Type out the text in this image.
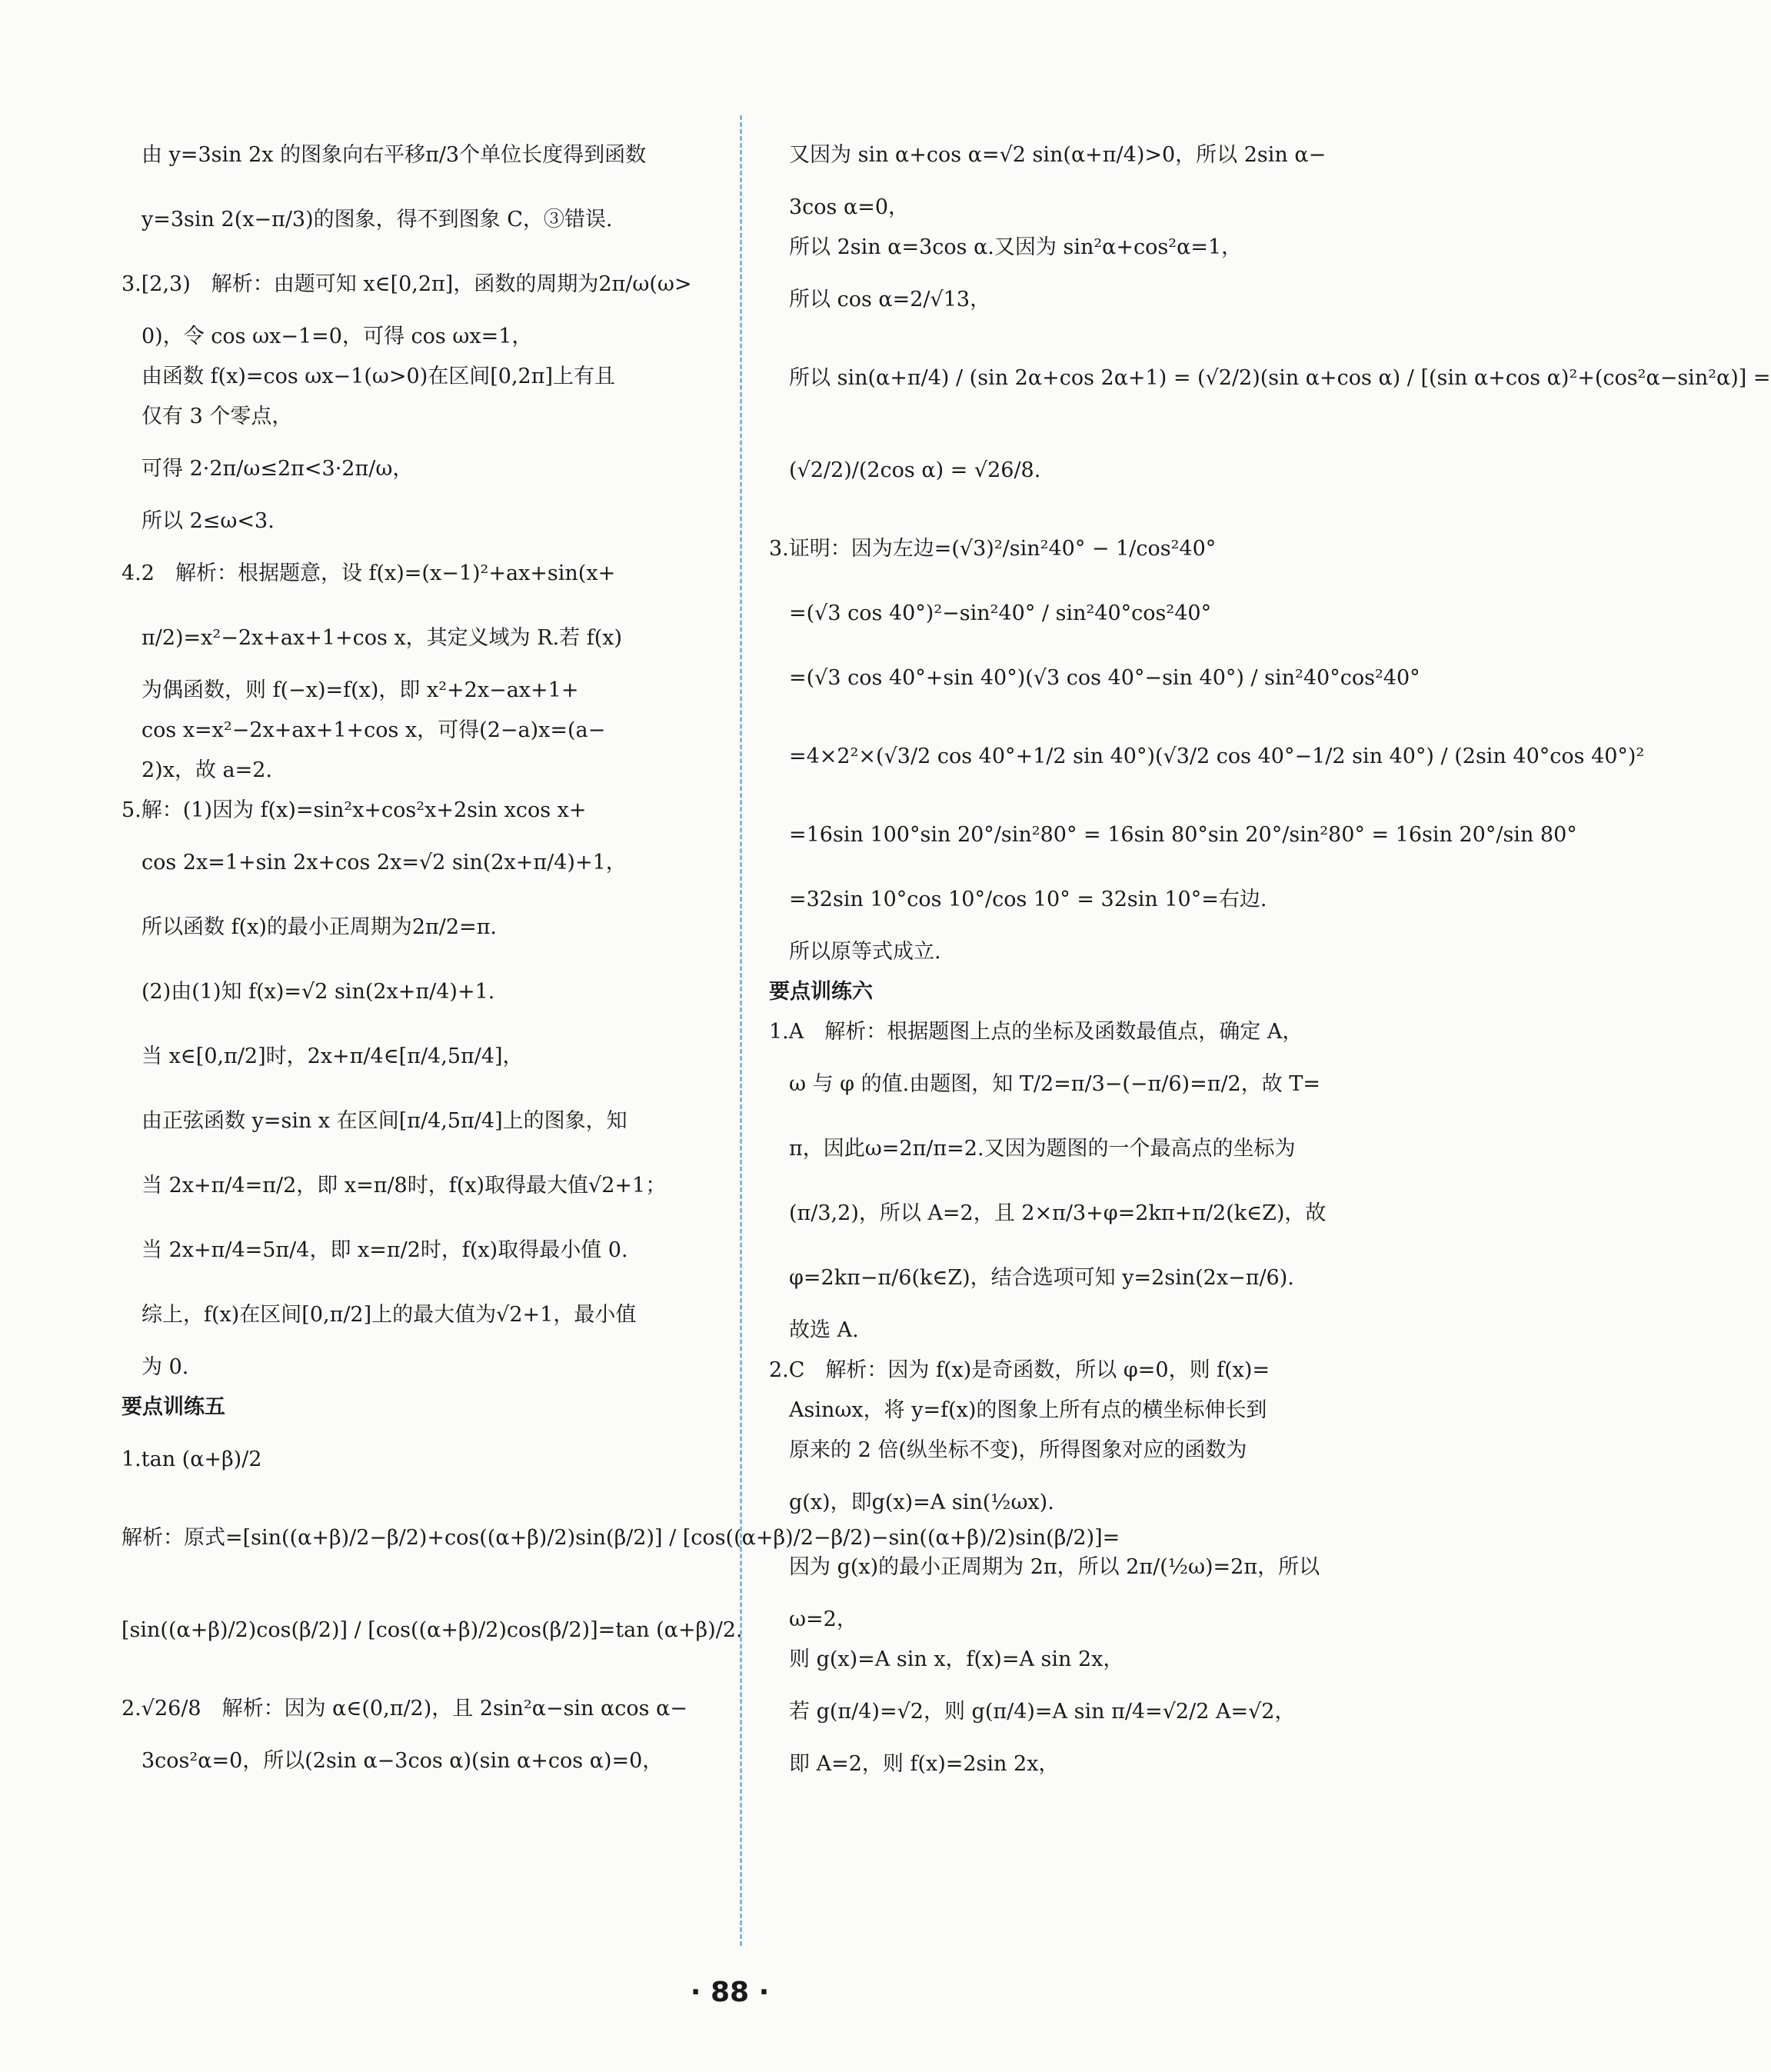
由 y=3sin 2x 的图象向右平移π/3个单位长度得到函数
y=3sin 2(x−π/3)的图象，得不到图象 C，③错误.
3.[2,3)　解析：由题可知 x∈[0,2π]，函数的周期为2π/ω(ω>
0)，令 cos ωx−1=0，可得 cos ωx=1，
由函数 f(x)=cos ωx−1(ω>0)在区间[0,2π]上有且
仅有 3 个零点，
可得 2·2π/ω≤2π<3·2π/ω，
所以 2≤ω<3.
4.2　解析：根据题意，设 f(x)=(x−1)²+ax+sin(x+
π/2)=x²−2x+ax+1+cos x，其定义域为 R.若 f(x)
为偶函数，则 f(−x)=f(x)，即 x²+2x−ax+1+
cos x=x²−2x+ax+1+cos x，可得(2−a)x=(a−
2)x，故 a=2.
5.解：(1)因为 f(x)=sin²x+cos²x+2sin xcos x+
cos 2x=1+sin 2x+cos 2x=√2 sin(2x+π/4)+1，
所以函数 f(x)的最小正周期为2π/2=π.
(2)由(1)知 f(x)=√2 sin(2x+π/4)+1.
当 x∈[0,π/2]时，2x+π/4∈[π/4,5π/4]，
由正弦函数 y=sin x 在区间[π/4,5π/4]上的图象，知
当 2x+π/4=π/2，即 x=π/8时，f(x)取得最大值√2+1；
当 2x+π/4=5π/4，即 x=π/2时，f(x)取得最小值 0.
综上，f(x)在区间[0,π/2]上的最大值为√2+1，最小值
为 0.
要点训练五
1.tan (α+β)/2
解析：原式=[sin((α+β)/2−β/2)+cos((α+β)/2)sin(β/2)] / [cos((α+β)/2−β/2)−sin((α+β)/2)sin(β/2)]=
[sin((α+β)/2)cos(β/2)] / [cos((α+β)/2)cos(β/2)]=tan (α+β)/2.
2.√26/8　解析：因为 α∈(0,π/2)，且 2sin²α−sin αcos α−
3cos²α=0，所以(2sin α−3cos α)(sin α+cos α)=0，
又因为 sin α+cos α=√2 sin(α+π/4)>0，所以 2sin α−
3cos α=0，
所以 2sin α=3cos α.又因为 sin²α+cos²α=1，
所以 cos α=2/√13，
所以 sin(α+π/4) / (sin 2α+cos 2α+1) = (√2/2)(sin α+cos α) / [(sin α+cos α)²+(cos²α−sin²α)] =
(√2/2)/(2cos α) = √26/8.
3.证明：因为左边=(√3)²/sin²40° − 1/cos²40°
=(√3 cos 40°)²−sin²40° / sin²40°cos²40°
=(√3 cos 40°+sin 40°)(√3 cos 40°−sin 40°) / sin²40°cos²40°
=4×2²×(√3/2 cos 40°+1/2 sin 40°)(√3/2 cos 40°−1/2 sin 40°) / (2sin 40°cos 40°)²
=16sin 100°sin 20°/sin²80° = 16sin 80°sin 20°/sin²80° = 16sin 20°/sin 80°
=32sin 10°cos 10°/cos 10° = 32sin 10°=右边.
所以原等式成立.
要点训练六
1.A　解析：根据题图上点的坐标及函数最值点，确定 A，
ω 与 φ 的值.由题图，知 T/2=π/3−(−π/6)=π/2，故 T=
π，因此ω=2π/π=2.又因为题图的一个最高点的坐标为
(π/3,2)，所以 A=2，且 2×π/3+φ=2kπ+π/2(k∈Z)，故
φ=2kπ−π/6(k∈Z)，结合选项可知 y=2sin(2x−π/6).
故选 A.
2.C　解析：因为 f(x)是奇函数，所以 φ=0，则 f(x)=
Asinωx，将 y=f(x)的图象上所有点的横坐标伸长到
原来的 2 倍(纵坐标不变)，所得图象对应的函数为
g(x)，即g(x)=A sin(½ωx).
因为 g(x)的最小正周期为 2π，所以 2π/(½ω)=2π，所以
ω=2，
则 g(x)=A sin x，f(x)=A sin 2x，
若 g(π/4)=√2，则 g(π/4)=A sin π/4=√2/2 A=√2，
即 A=2，则 f(x)=2sin 2x，
· 88 ·
